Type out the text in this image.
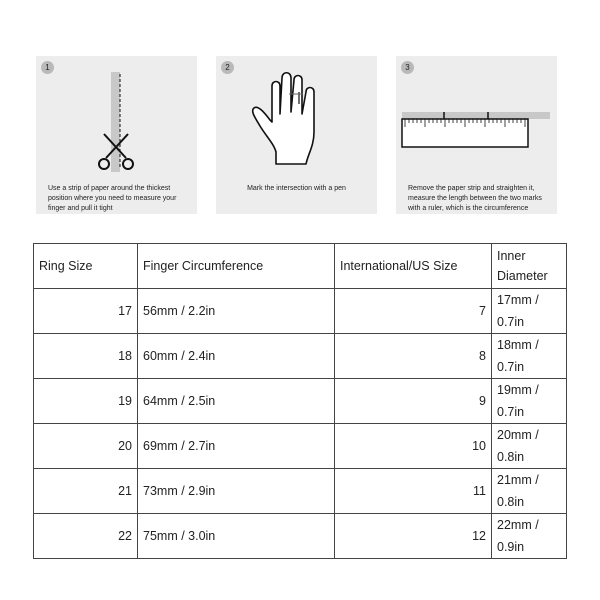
1
Use a strip of paper around the thickest position where you need to measure your finger and pull it tight
2
Mark the intersection with a pen
3
Remove the paper strip and straighten it, measure the length between the two marks with a ruler, which is the circumference
Ring Size	Finger Circumference	International/US Size	Inner Diameter
17	56mm / 2.2in	7	17mm / 0.7in
18	60mm / 2.4in	8	18mm / 0.7in
19	64mm / 2.5in	9	19mm / 0.7in
20	69mm / 2.7in	10	20mm / 0.8in
21	73mm / 2.9in	11	21mm / 0.8in
22	75mm / 3.0in	12	22mm / 0.9in
